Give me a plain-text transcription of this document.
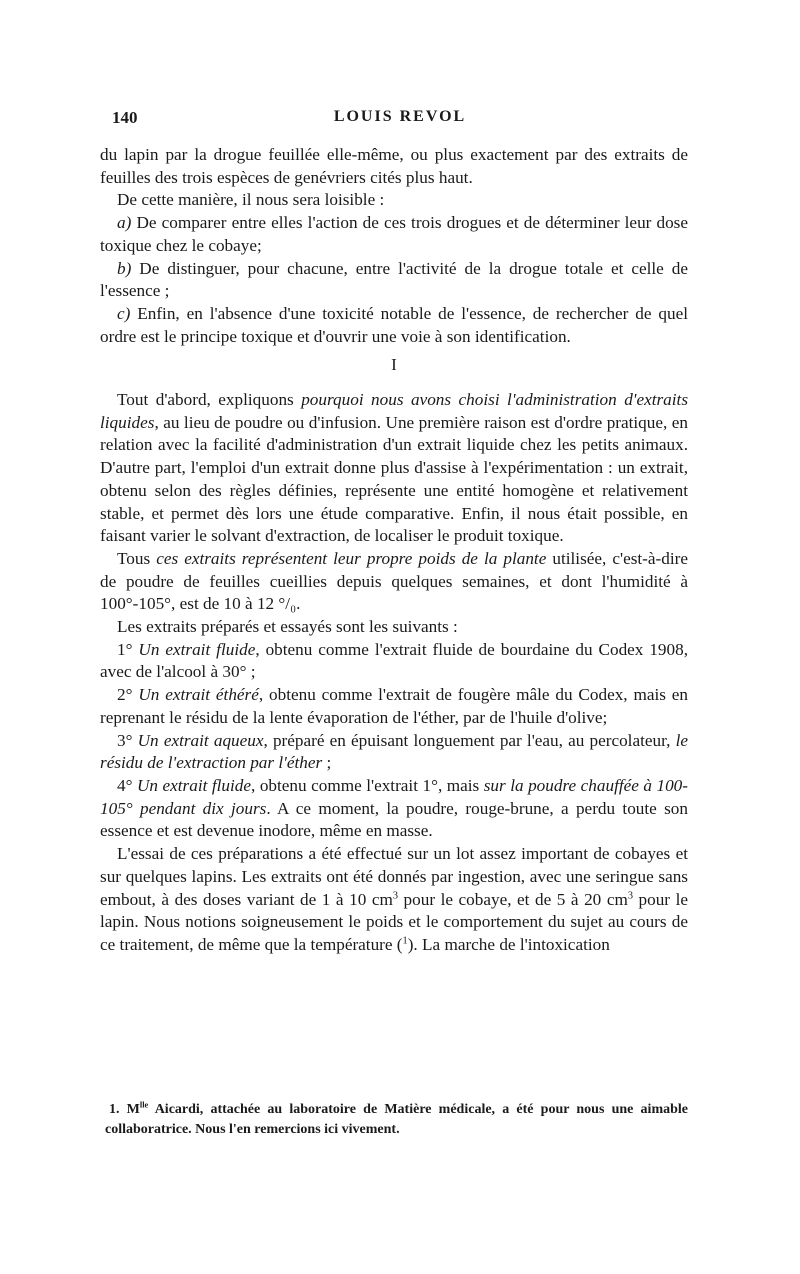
140	LOUIS REVOL

du lapin par la drogue feuillée elle-même, ou plus exactement par des extraits de feuilles des trois espèces de genévriers cités plus haut.

De cette manière, il nous sera loisible :

a) De comparer entre elles l'action de ces trois drogues et de déterminer leur dose toxique chez le cobaye;

b) De distinguer, pour chacune, entre l'activité de la drogue totale et celle de l'essence ;

c) Enfin, en l'absence d'une toxicité notable de l'essence, de rechercher de quel ordre est le principe toxique et d'ouvrir une voie à son identification.

I

Tout d'abord, expliquons pourquoi nous avons choisi l'administration d'extraits liquides, au lieu de poudre ou d'infusion. Une première raison est d'ordre pratique, en relation avec la facilité d'administration d'un extrait liquide chez les petits animaux. D'autre part, l'emploi d'un extrait donne plus d'assise à l'expérimentation : un extrait, obtenu selon des règles définies, représente une entité homogène et relativement stable, et permet dès lors une étude comparative. Enfin, il nous était possible, en faisant varier le solvant d'extraction, de localiser le produit toxique.

Tous ces extraits représentent leur propre poids de la plante utilisée, c'est-à-dire de poudre de feuilles cueillies depuis quelques semaines, et dont l'humidité à 100°-105°, est de 10 à 12 °/₀.

Les extraits préparés et essayés sont les suivants :

1° Un extrait fluide, obtenu comme l'extrait fluide de bourdaine du Codex 1908, avec de l'alcool à 30° ;

2° Un extrait éthéré, obtenu comme l'extrait de fougère mâle du Codex, mais en reprenant le résidu de la lente évaporation de l'éther, par de l'huile d'olive;

3° Un extrait aqueux, préparé en épuisant longuement par l'eau, au percolateur, le résidu de l'extraction par l'éther ;

4° Un extrait fluide, obtenu comme l'extrait 1°, mais sur la poudre chauffée à 100-105° pendant dix jours. A ce moment, la poudre, rouge-brune, a perdu toute son essence et est devenue inodore, même en masse.

L'essai de ces préparations a été effectué sur un lot assez important de cobayes et sur quelques lapins. Les extraits ont été donnés par ingestion, avec une seringue sans embout, à des doses variant de 1 à 10 $cm^3$ pour le cobaye, et de 5 à 20 $cm^3$ pour le lapin. Nous notions soigneusement le poids et le comportement du sujet au cours de ce traitement, de même que la température ($^1$). La marche de l'intoxication

1. $M^{lle}$ Aicardi, attachée au laboratoire de Matière médicale, a été pour nous une aimable collaboratrice. Nous l'en remercions ici vivement.
